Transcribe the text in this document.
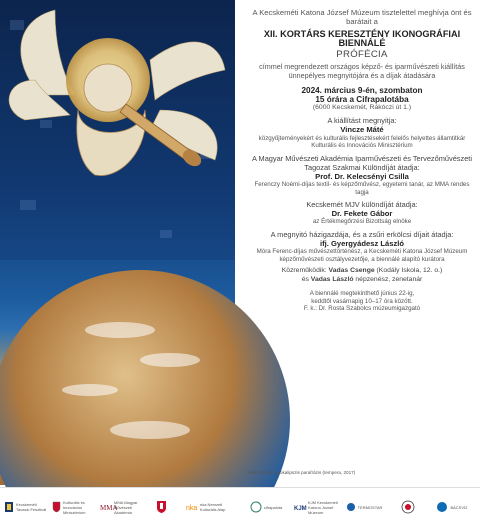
A Kecskeméti Katona József Múzeum tisztelettel meghívja önt és barátait a
XII. KORTÁRS KERESZTÉNY IKONOGRÁFIAI BIENNÁLÉ
PRÓFÉCIA
címmel megrendezett országos képző- és iparművészeti kiállítás ünnepélyes megnyitójára és a díjak átadására
2024. március 9-én, szombaton
15 órára a Cifrapalotába
(6000 Kecskemét, Rákóczi út 1.)
A kiállítást megnyitja:
Vincze Máté
közgyűjteményekért és kulturális fejlesztésekért felelős helyettes államtitkár Kulturális és Innovációs Minisztérium
A Magyar Művészeti Akadémia Iparművészeti és Tervezőművészeti Tagozat Szakmai Különdíját átadja:
Prof. Dr. Kelecsényi Csilla
Ferenczy Noémi-díjas textil- és képzőművész, egyetemi tanár, az MMA rendes tagja
Kecskemét MJV különdíját átadja:
Dr. Fekete Gábor
az Értékmegőrzési Bizottság elnöke
A megnyitó házigazdája, és a zsűri erkölcsi díjait átadja:
ifj. Gyergyádesz László
Móra Ferenc-díjas művészettörténész, a Kecskeméti Katona József Múzeum képzőművészeti osztályvezetője, a biennálé alapító kurátora
Közreműködik: Vadas Csenge (Kodály Iskola, 12. o.)
és Vadas László népzenész, zenetanár
A biennálé megtekinthető június 22-ig,
keddtől vasárnapig 10–17 óra között.
F. k.: Dr. Rosta Szabolcs múzeumigazgató
Kiss Katalin: Apokalipszis parafrázis (tempera, 2017)
Kecskeméti Tavaszi Fesztivál
Kulturális és Innovációs Minisztérium	MMA
MMA Magyar Művészeti Akadémia	nka
nka Nemzeti Kulturális Alap	cifrapalota KJM
KJM Kecskeméti Katona József Múzeum
TERMOSTAR	BÁCSVÍZ
